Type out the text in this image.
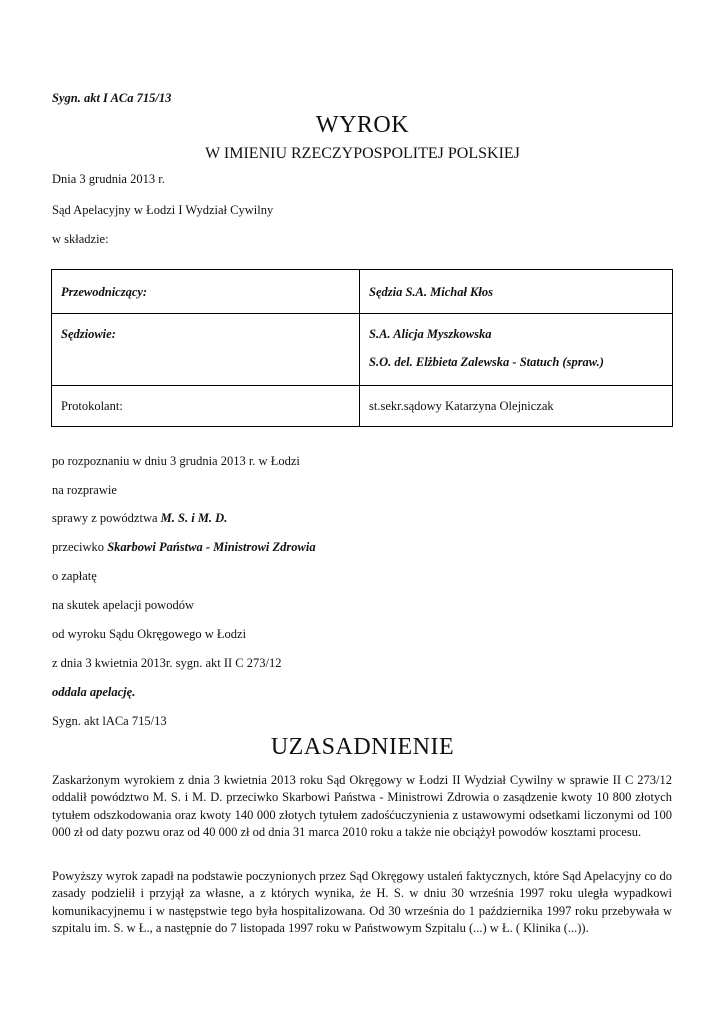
Sygn. akt I ACa 715/13
WYROK
W IMIENIU RZECZYPOSPOLITEJ POLSKIEJ
Dnia 3 grudnia 2013 r.
Sąd Apelacyjny w Łodzi I Wydział Cywilny
w składzie:
Przewodniczący:	Sędzia S.A. Michał Kłos
Sędziowie:	S.A. Alicja Myszkowska
S.O. del. Elżbieta Zalewska - Statuch (spraw.)
Protokolant:	st.sekr.sądowy Katarzyna Olejniczak
po rozpoznaniu w dniu 3 grudnia 2013 r. w Łodzi
na rozprawie
sprawy z powództwa M. S. i M. D.
przeciwko Skarbowi Państwa - Ministrowi Zdrowia
o zapłatę
na skutek apelacji powodów
od wyroku Sądu Okręgowego w Łodzi
z dnia 3 kwietnia 2013r. sygn. akt II C 273/12
oddala apelację.
Sygn. akt lACa 715/13
UZASADNIENIE
Zaskarżonym wyrokiem z dnia 3 kwietnia 2013 roku Sąd Okręgowy w Łodzi II Wydział Cywilny w sprawie II C 273/12 oddalił powództwo M. S. i M. D. przeciwko Skarbowi Państwa - Ministrowi Zdrowia o zasądzenie kwoty 10 800 złotych tytułem odszkodowania oraz kwoty 140 000 złotych tytułem zadośćuczynienia z ustawowymi odsetkami liczonymi od 100 000 zł od daty pozwu oraz od 40 000 zł od dnia 31 marca 2010 roku a także nie obciążył powodów kosztami procesu.
Powyższy wyrok zapadł na podstawie poczynionych przez Sąd Okręgowy ustaleń faktycznych, które Sąd Apelacyjny co do zasady podzielił i przyjął za własne, a z których wynika, że H. S. w dniu 30 września 1997 roku uległa wypadkowi komunikacyjnemu i w następstwie tego była hospitalizowana. Od 30 września do 1 października 1997 roku przebywała w szpitalu im. S. w Ł., a następnie do 7 listopada 1997 roku w Państwowym Szpitalu (...) w Ł. ( Klinika (...)).
